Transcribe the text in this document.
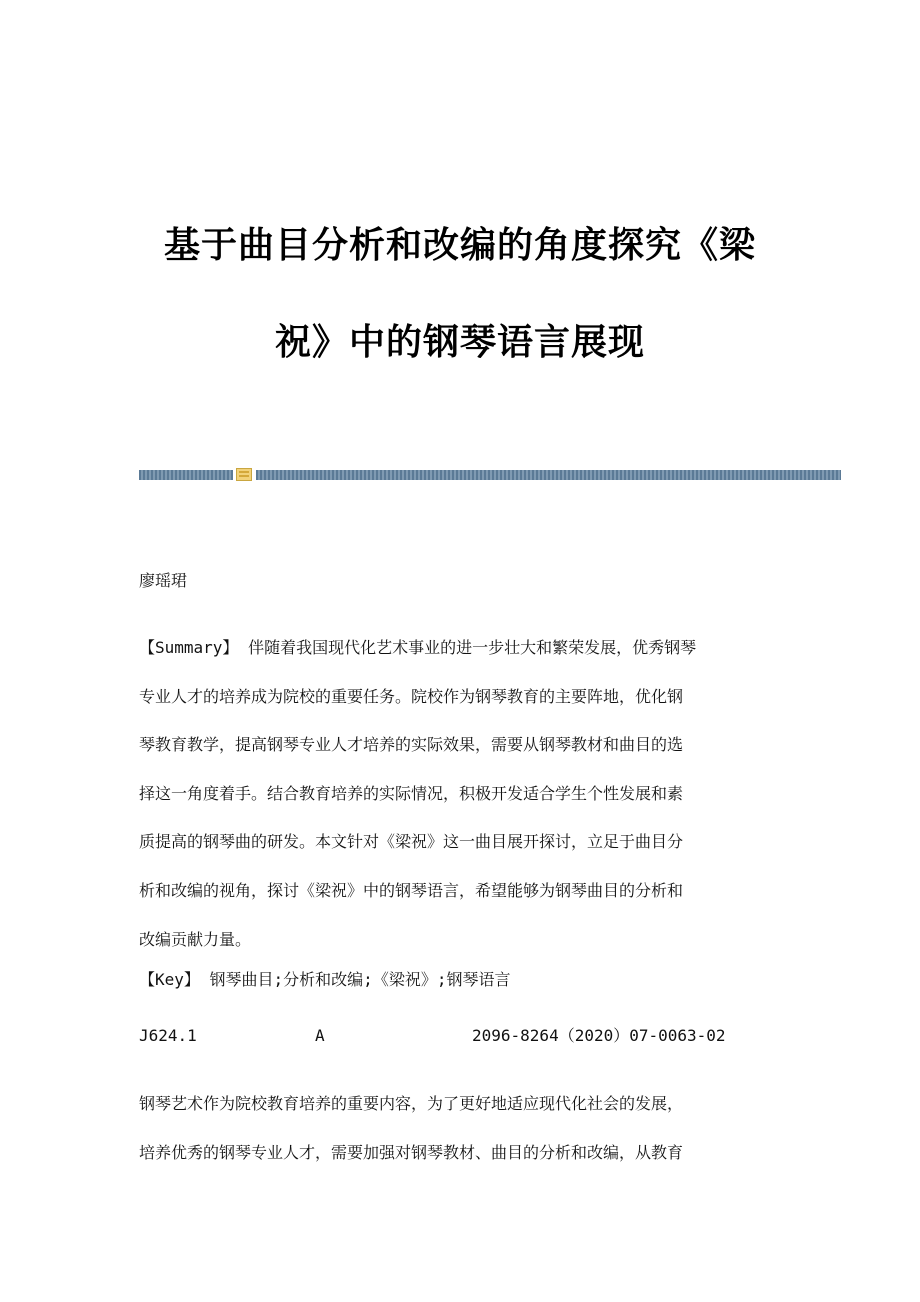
基于曲目分析和改编的角度探究《梁
祝》中的钢琴语言展现

廖瑶珺

【Summary】 伴随着我国现代化艺术事业的进一步壮大和繁荣发展，优秀钢琴
专业人才的培养成为院校的重要任务。院校作为钢琴教育的主要阵地，优化钢
琴教育教学，提高钢琴专业人才培养的实际效果，需要从钢琴教材和曲目的选
择这一角度着手。结合教育培养的实际情况，积极开发适合学生个性发展和素
质提高的钢琴曲的研发。本文针对《梁祝》这一曲目展开探讨，立足于曲目分
析和改编的视角，探讨《梁祝》中的钢琴语言，希望能够为钢琴曲目的分析和
改编贡献力量。

【Key】 钢琴曲目;分析和改编;《梁祝》;钢琴语言

J624.1	A	2096-8264（2020）07-0063-02
钢琴艺术作为院校教育培养的重要内容，为了更好地适应现代化社会的发展，
培养优秀的钢琴专业人才，需要加强对钢琴教材、曲目的分析和改编，从教育
